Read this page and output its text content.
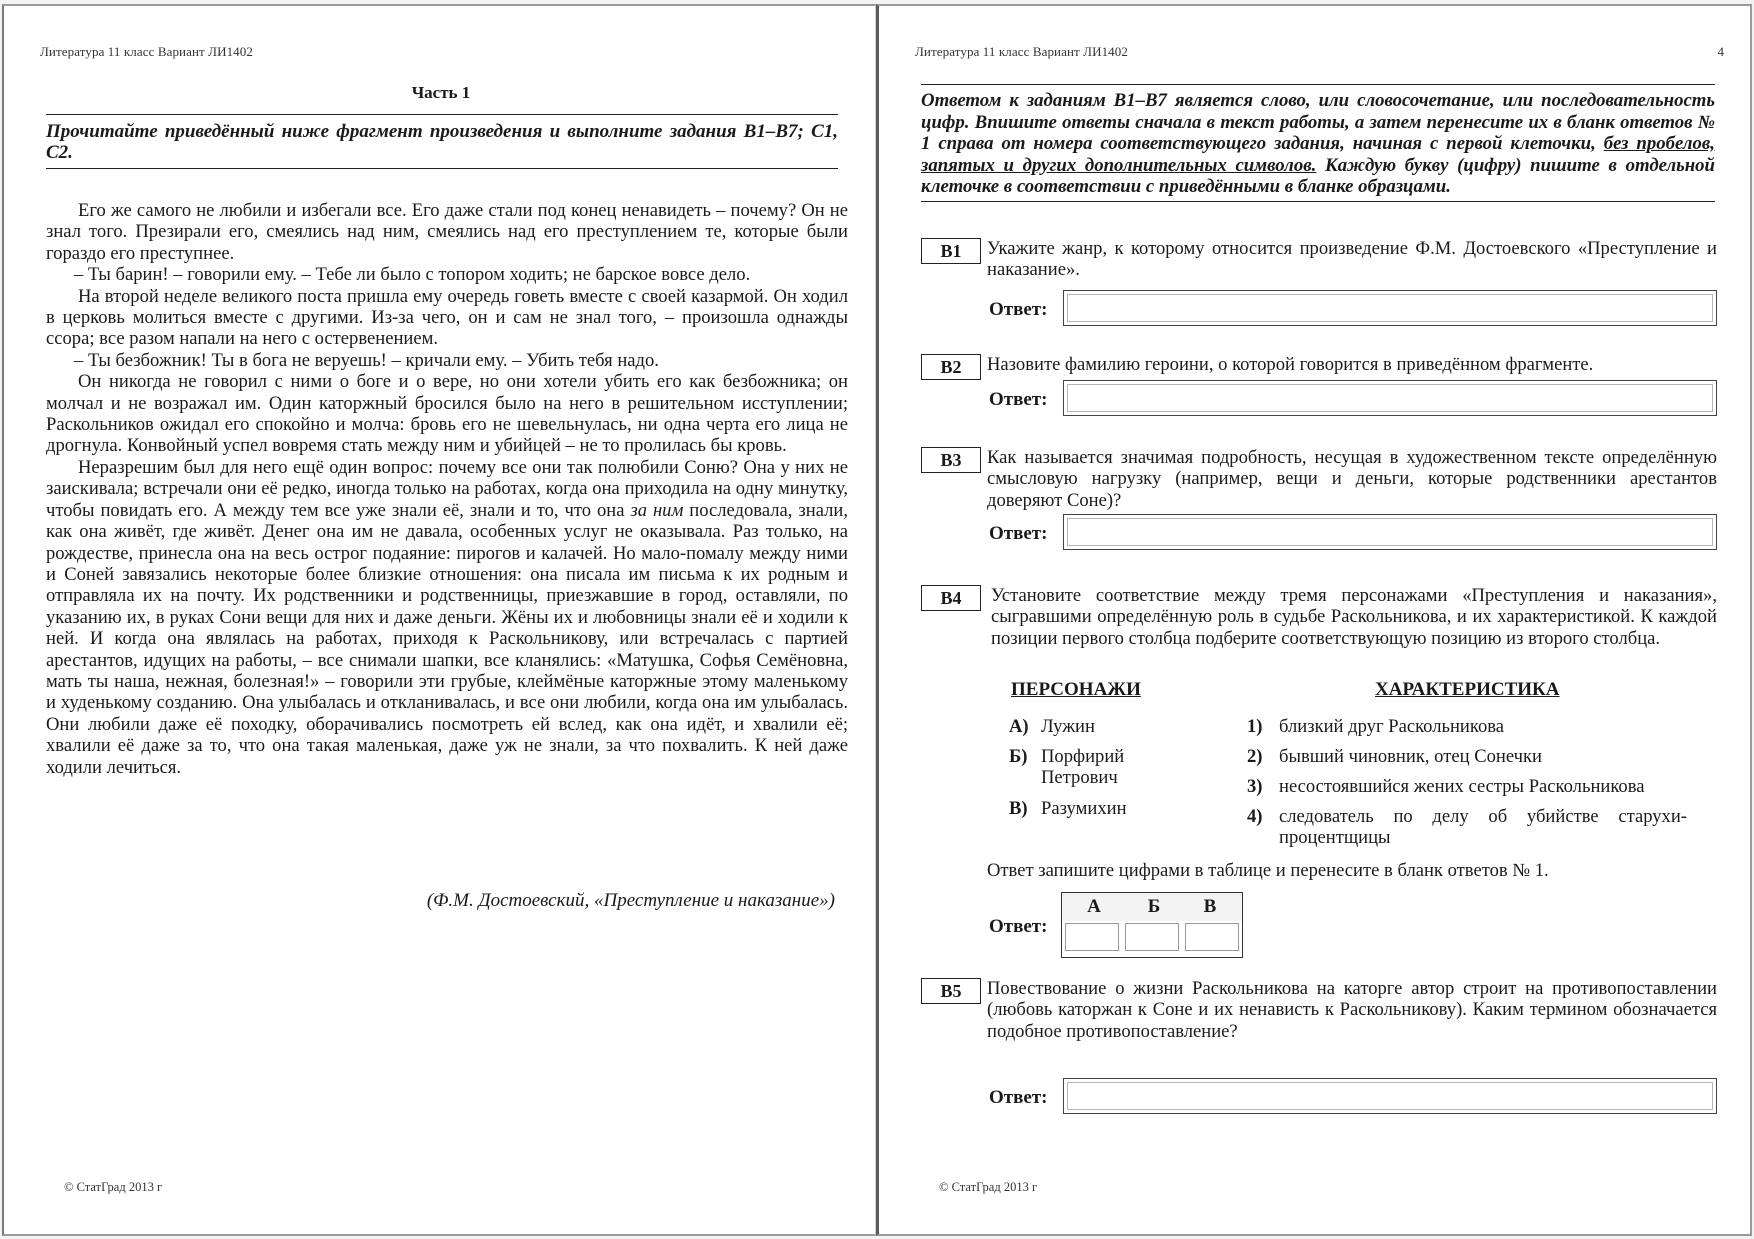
Литература 11 класс Вариант ЛИ1402
Часть 1
Прочитайте приведённый ниже фрагмент произведения и выполните задания B1–B7; C1, C2.

Его же самого не любили и избегали все. Его даже стали под конец ненавидеть – почему? Он не знал того. Презирали его, смеялись над ним, смеялись над его преступлением те, которые были гораздо его преступнее.

– Ты барин! – говорили ему. – Тебе ли было с топором ходить; не барское вовсе дело.

На второй неделе великого поста пришла ему очередь говеть вместе с своей казармой. Он ходил в церковь молиться вместе с другими. Из-за чего, он и сам не знал того, – произошла однажды ссора; все разом напали на него с остервенением.

– Ты безбожник! Ты в бога не веруешь! – кричали ему. – Убить тебя надо.

Он никогда не говорил с ними о боге и о вере, но они хотели убить его как безбожника; он молчал и не возражал им. Один каторжный бросился было на него в решительном исступлении; Раскольников ожидал его спокойно и молча: бровь его не шевельнулась, ни одна черта его лица не дрогнула. Конвойный успел вовремя стать между ним и убийцей – не то пролилась бы кровь.

Неразрешим был для него ещё один вопрос: почему все они так полюбили Соню? Она у них не заискивала; встречали они её редко, иногда только на работах, когда она приходила на одну минутку, чтобы повидать его. А между тем все уже знали её, знали и то, что она за ним последовала, знали, как она живёт, где живёт. Денег она им не давала, особенных услуг не оказывала. Раз только, на рождестве, принесла она на весь острог подаяние: пирогов и калачей. Но мало-помалу между ними и Соней завязались некоторые более близкие отношения: она писала им письма к их родным и отправляла их на почту. Их родственники и родственницы, приезжавшие в город, оставляли, по указанию их, в руках Сони вещи для них и даже деньги. Жёны их и любовницы знали её и ходили к ней. И когда она являлась на работах, приходя к Раскольникову, или встречалась с партией арестантов, идущих на работы, – все снимали шапки, все кланялись: «Матушка, Софья Семёновна, мать ты наша, нежная, болезная!» – говорили эти грубые, клеймёные каторжные этому маленькому и худенькому созданию. Она улыбалась и откланивалась, и все они любили, когда она им улыбалась. Они любили даже её походку, оборачивались посмотреть ей вслед, как она идёт, и хвалили её; хвалили её даже за то, что она такая маленькая, даже уж не знали, за что похвалить. К ней даже ходили лечиться.

(Ф.М. Достоевский, «Преступление и наказание»)
© СтатГрад 2013 г
Литература 11 класс Вариант ЛИ1402	4
Ответом к заданиям B1–B7 является слово, или словосочетание, или последовательность цифр. Впишите ответы сначала в текст работы, а затем перенесите их в бланк ответов № 1 справа от номера соответствующего задания, начиная с первой клеточки, без пробелов, запятых и других дополнительных символов. Каждую букву (цифру) пишите в отдельной клеточке в соответствии с приведёнными в бланке образцами.
B1	Укажите жанр, к которому относится произведение Ф.М. Достоевского «Преступление и наказание».
Ответ:
B2	Назовите фамилию героини, о которой говорится в приведённом фрагменте.
Ответ:
B3	Как называется значимая подробность, несущая в художественном тексте определённую смысловую нагрузку (например, вещи и деньги, которые родственники арестантов доверяют Соне)?
Ответ:
B4	Установите соответствие между тремя персонажами «Преступления и наказания», сыгравшими определённую роль в судьбе Раскольникова, и их характеристикой. К каждой позиции первого столбца подберите соответствующую позицию из второго столбца.
ПЕРСОНАЖИ	ХАРАКТЕРИСТИКА
А) Лужин
Б) Порфирий Петрович
В) Разумихин
1) близкий друг Раскольникова
2) бывший чиновник, отец Сонечки
3) несостоявшийся жених сестры Раскольникова
4) следователь по делу об убийстве старухи-процентщицы
Ответ запишите цифрами в таблице и перенесите в бланк ответов № 1.
Ответ:
А	Б	В
B5	Повествование о жизни Раскольникова на каторге автор строит на противопоставлении (любовь каторжан к Соне и их ненависть к Раскольникову). Каким термином обозначается подобное противопоставление?
Ответ:
© СтатГрад 2013 г
